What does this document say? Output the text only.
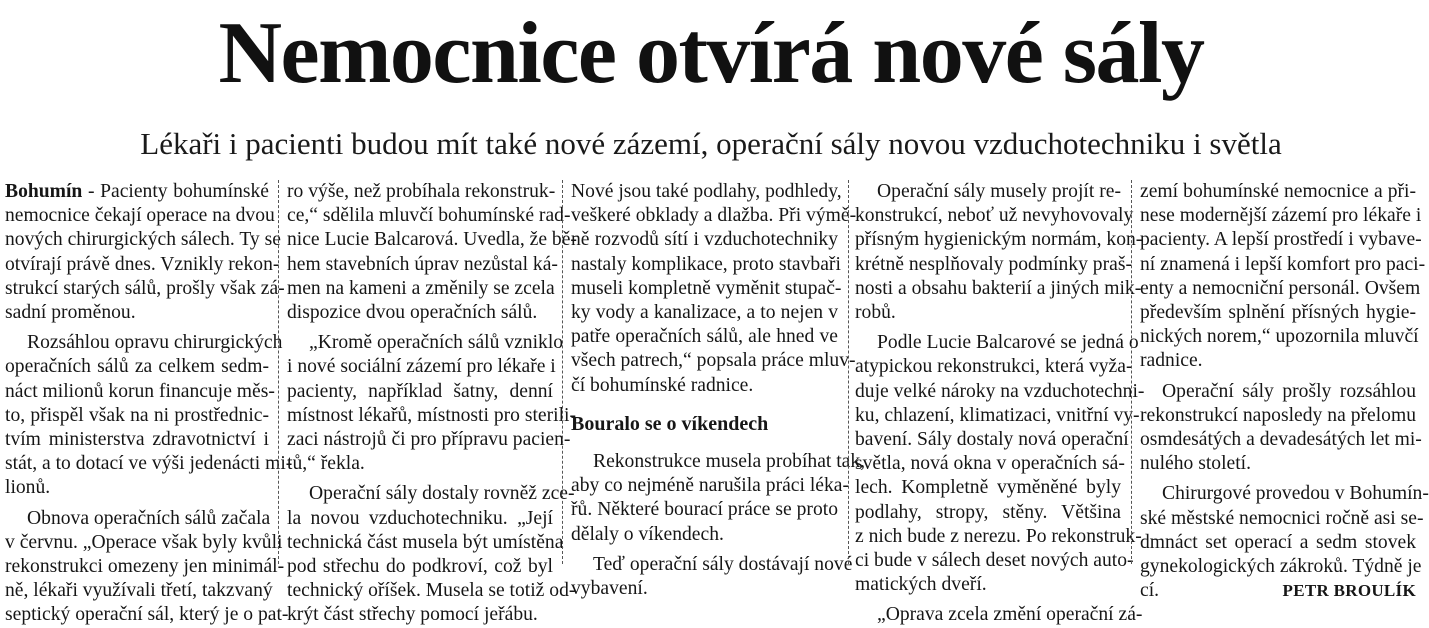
Nemocnice otvírá nové sály
Lékaři i pacienti budou mít také nové zázemí, operační sály novou vzduchotechniku i světla
Bohumín - Pacienty bohumínské
nemocnice čekají operace na dvou
nových chirurgických sálech. Ty se
otvírají právě dnes. Vznikly rekon-
strukcí starých sálů, prošly však zá-
sadní proměnou.
Rozsáhlou opravu chirurgických
operačních sálů za celkem sedm-
náct milionů korun financuje měs-
to, přispěl však na ni prostřednic-
tvím ministerstva zdravotnictví i
stát, a to dotací ve výši jedenácti mi-
lionů.
Obnova operačních sálů začala
v červnu. „Operace však byly kvůli
rekonstrukci omezeny jen minimál-
ně, lékaři využívali třetí, takzvaný
septický operační sál, který je o pat-
ro výše, než probíhala rekonstruk-
ce,“ sdělila mluvčí bohumínské rad-
nice Lucie Balcarová. Uvedla, že bě-
hem stavebních úprav nezůstal ká-
men na kameni a změnily se zcela
dispozice dvou operačních sálů.
„Kromě operačních sálů vzniklo
i nové sociální zázemí pro lékaře i
pacienty, například šatny, denní
místnost lékařů, místnosti pro sterili-
zaci nástrojů či pro přípravu pacien-
tů,“ řekla.
Operační sály dostaly rovněž zce-
la novou vzduchotechniku. „Její
technická část musela být umístěna
pod střechu do podkroví, což byl
technický oříšek. Musela se totiž od-
krýt část střechy pomocí jeřábu.
Nové jsou také podlahy, podhledy,
veškeré obklady a dlažba. Při výmě-
ně rozvodů sítí i vzduchotechniky
nastaly komplikace, proto stavbaři
museli kompletně vyměnit stupač-
ky vody a kanalizace, a to nejen v
patře operačních sálů, ale hned ve
všech patrech,“ popsala práce mluv-
čí bohumínské radnice.
Bouralo se o víkendech
Rekonstrukce musela probíhat tak,
aby co nejméně narušila práci léka-
řů. Některé bourací práce se proto
dělaly o víkendech.
Teď operační sály dostávají nové
vybavení.
Operační sály musely projít re-
konstrukcí, neboť už nevyhovovaly
přísným hygienickým normám, kon-
krétně nesplňovaly podmínky praš-
nosti a obsahu bakterií a jiných mik-
robů.
Podle Lucie Balcarové se jedná o
atypickou rekonstrukci, která vyža-
duje velké nároky na vzduchotechni-
ku, chlazení, klimatizaci, vnitřní vy-
bavení. Sály dostaly nová operační
světla, nová okna v operačních sá-
lech. Kompletně vyměněné byly
podlahy, stropy, stěny. Většina
z nich bude z nerezu. Po rekonstruk-
ci bude v sálech deset nových auto-
matických dveří.
„Oprava zcela změní operační zá-
zemí bohumínské nemocnice a při-
nese modernější zázemí pro lékaře i
pacienty. A lepší prostředí i vybave-
ní znamená i lepší komfort pro paci-
enty a nemocniční personál. Ovšem
především splnění přísných hygie-
nických norem,“ upozornila mluvčí
radnice.
Operační sály prošly rozsáhlou
rekonstrukcí naposledy na přelomu
osmdesátých a devadesátých let mi-
nulého století.
Chirurgové provedou v Bohumín-
ské městské nemocnici ročně asi se-
dmnáct set operací a sedm stovek
gynekologických zákroků. Týdně je
cí.	PETR BROULÍK
